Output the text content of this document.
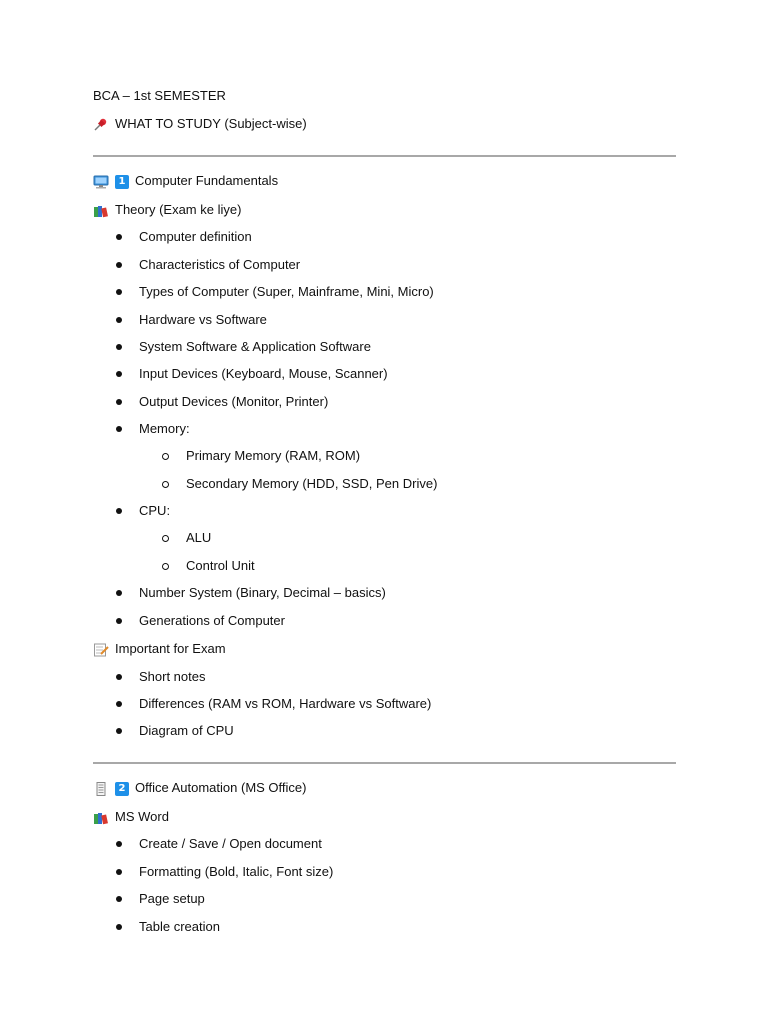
BCA – 1st SEMESTER
WHAT TO STUDY (Subject-wise)
1 Computer Fundamentals
Theory (Exam ke liye)
Computer definition
Characteristics of Computer
Types of Computer (Super, Mainframe, Mini, Micro)
Hardware vs Software
System Software & Application Software
Input Devices (Keyboard, Mouse, Scanner)
Output Devices (Monitor, Printer)
Memory:
Primary Memory (RAM, ROM)
Secondary Memory (HDD, SSD, Pen Drive)
CPU:
ALU
Control Unit
Number System (Binary, Decimal – basics)
Generations of Computer
Important for Exam
Short notes
Differences (RAM vs ROM, Hardware vs Software)
Diagram of CPU
2 Office Automation (MS Office)
MS Word
Create / Save / Open document
Formatting (Bold, Italic, Font size)
Page setup
Table creation
